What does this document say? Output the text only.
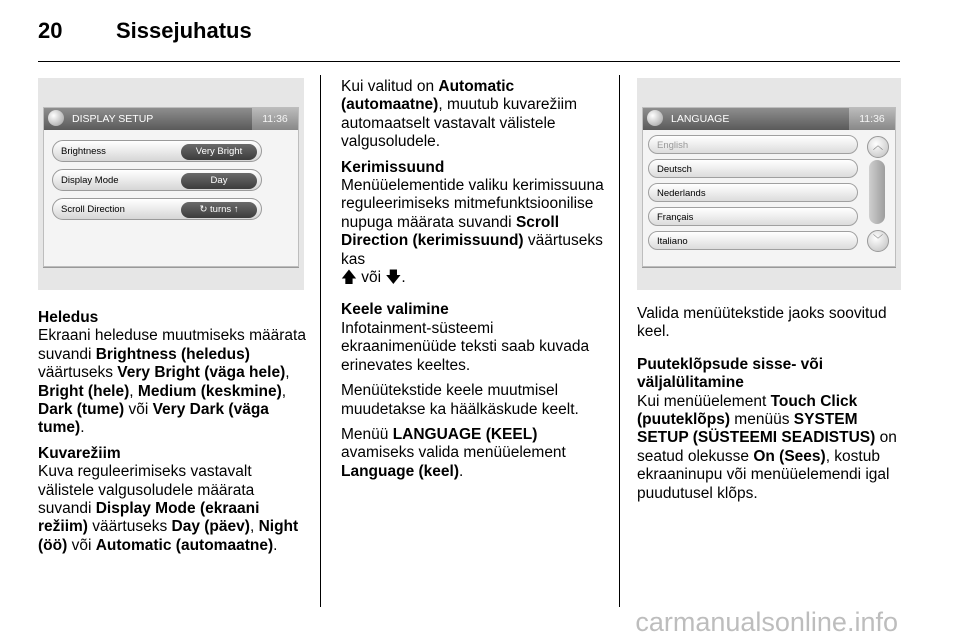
20 Sissejuhatus
DISPLAY SETUP	11:36
Brightness	Very Bright
Display Mode	Day
Scroll Direction	↻ turns ↑
LANGUAGE	11:36
English
Deutsch
Nederlands
Français
Italiano
︿
﹀

Heledus
Ekraani heleduse muutmiseks määrata suvandi Brightness (heledus) väärtuseks Very Bright (väga hele), Bright (hele), Medium (keskmine), Dark (tume) või Very Dark (väga tume).

Kuvarežiim
Kuva reguleerimiseks vastavalt välistele valgusoludele määrata suvandi Display Mode (ekraani režiim) väärtuseks Day (päev), Night (öö) või Automatic (automaatne).

Kui valitud on Automatic (automaatne), muutub kuvarežiim automaatselt vastavalt välistele valgusoludele.

Kerimissuund
Menüüelementide valiku kerimissuuna reguleerimiseks mitmefunktsioonilise nupuga määrata suvandi Scroll Direction (kerimissuund) väärtuseks kas
🡅 või 🡇.

Keele valimine
Infotainment-süsteemi ekraanimenüüde teksti saab kuvada erinevates keeltes.

Menüütekstide keele muutmisel muudetakse ka häälkäskude keelt.

Menüü LANGUAGE (KEEL) avamiseks valida menüüelement Language (keel).

Valida menüütekstide jaoks soovitud keel.

Puuteklõpsude sisse- või väljalülitamine
Kui menüüelement Touch Click (puuteklõps) menüüs SYSTEM SETUP (SÜSTEEMI SEADISTUS) on seatud olekusse On (Sees), kostub ekraaninupu või menüüelemendi igal puudutusel klõps.

carmanualsonline.info
